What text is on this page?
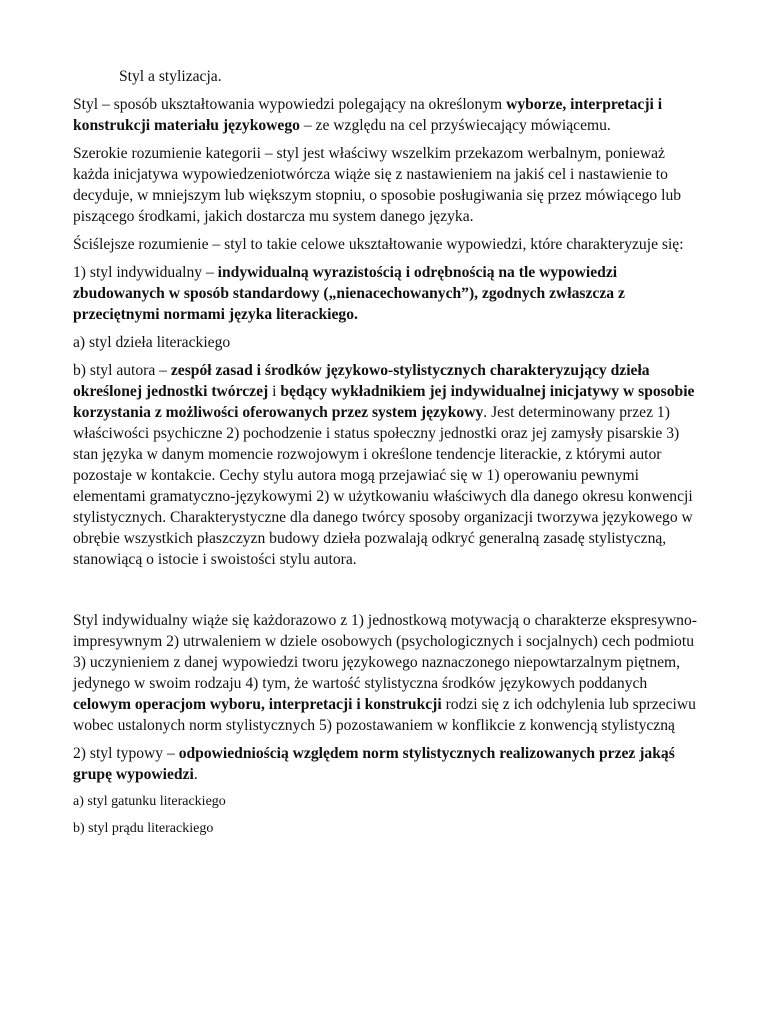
Styl a stylizacja.

Styl – sposób ukształtowania wypowiedzi polegający na określonym wyborze, interpretacji i konstrukcji materiału językowego – ze względu na cel przyświecający mówiącemu.

Szerokie rozumienie kategorii – styl jest właściwy wszelkim przekazom werbalnym, ponieważ każda inicjatywa wypowiedzeniotwórcza wiąże się z nastawieniem na jakiś cel i nastawienie to decyduje, w mniejszym lub większym stopniu, o sposobie posługiwania się przez mówiącego lub piszącego środkami, jakich dostarcza mu system danego języka.

Ściślejsze rozumienie – styl to takie celowe ukształtowanie wypowiedzi, które charakteryzuje się:

1) styl indywidualny – indywidualną wyrazistością i odrębnością na tle wypowiedzi zbudowanych w sposób standardowy („nienacechowanych”), zgodnych zwłaszcza z przeciętnymi normami języka literackiego.

a) styl dzieła literackiego

b) styl autora – zespół zasad i środków językowo-stylistycznych charakteryzujący dzieła określonej jednostki twórczej i będący wykładnikiem jej indywidualnej inicjatywy w sposobie korzystania z możliwości oferowanych przez system językowy. Jest determinowany przez 1) właściwości psychiczne 2) pochodzenie i status społeczny jednostki oraz jej zamysły pisarskie 3) stan języka w danym momencie rozwojowym i określone tendencje literackie, z którymi autor pozostaje w kontakcie. Cechy stylu autora mogą przejawiać się w 1) operowaniu pewnymi elementami gramatyczno-językowymi 2) w użytkowaniu właściwych dla danego okresu konwencji stylistycznych. Charakterystyczne dla danego twórcy sposoby organizacji tworzywa językowego w obrębie wszystkich płaszczyzn budowy dzieła pozwalają odkryć generalną zasadę stylistyczną, stanowiącą o istocie i swoistości stylu autora.

Styl indywidualny wiąże się każdorazowo z 1) jednostkową motywacją o charakterze ekspresywno-impresywnym 2) utrwaleniem w dziele osobowych (psychologicznych i socjalnych) cech podmiotu 3) uczynieniem z danej wypowiedzi tworu językowego naznaczonego niepowtarzalnym piętnem, jedynego w swoim rodzaju 4) tym, że wartość stylistyczna środków językowych poddanych celowym operacjom wyboru, interpretacji i konstrukcji rodzi się z ich odchylenia lub sprzeciwu wobec ustalonych norm stylistycznych 5) pozostawaniem w konflikcie z konwencją stylistyczną

2) styl typowy – odpowiedniością względem norm stylistycznych realizowanych przez jakąś grupę wypowiedzi.

a) styl gatunku literackiego

b) styl prądu literackiego
